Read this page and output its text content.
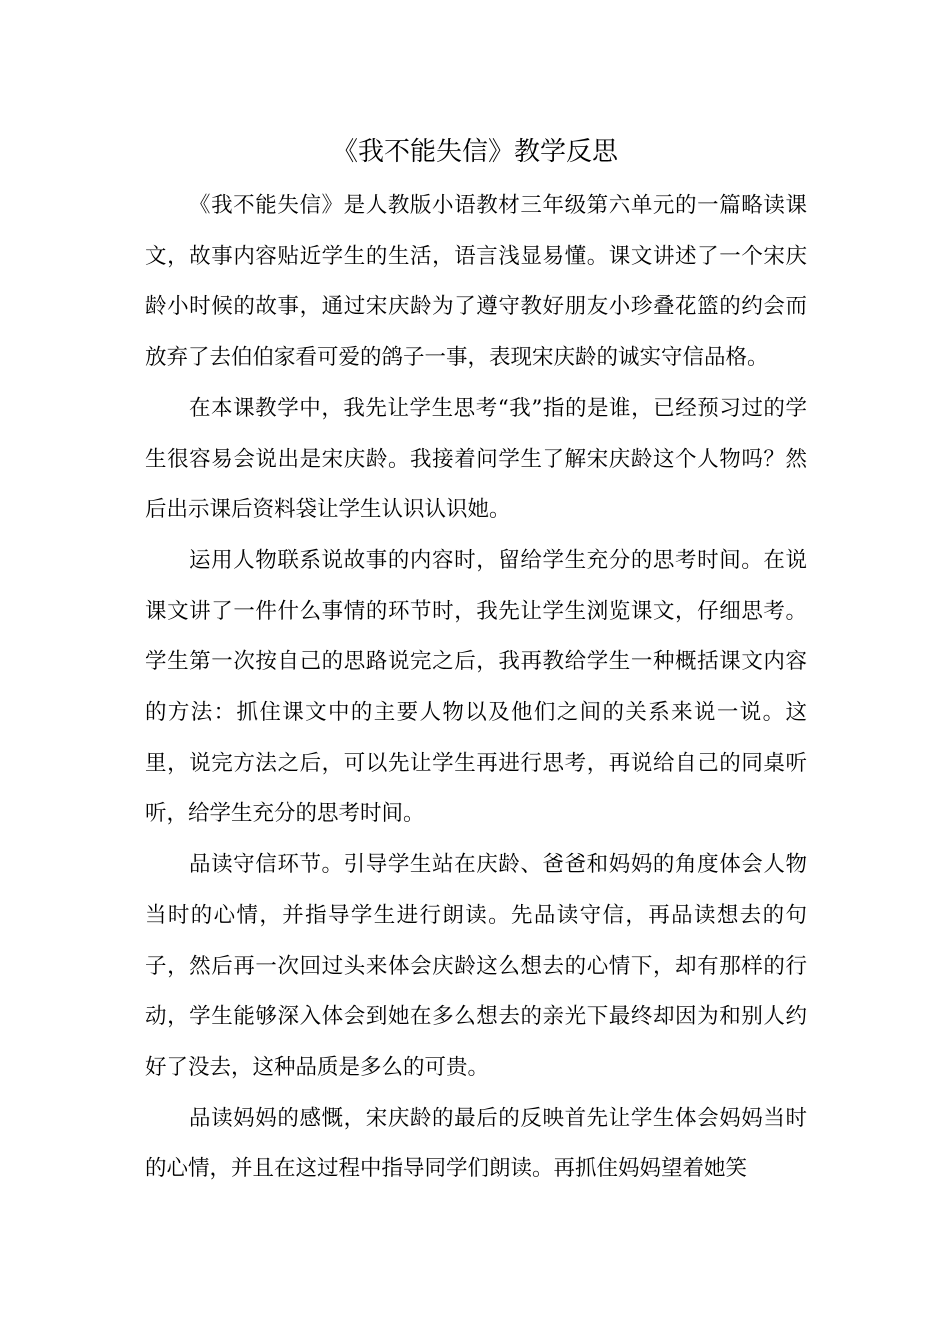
《我不能失信》教学反思

《我不能失信》是人教版小语教材三年级第六单元的一篇略读课文，故事内容贴近学生的生活，语言浅显易懂。课文讲述了一个宋庆龄小时候的故事，通过宋庆龄为了遵守教好朋友小珍叠花篮的约会而放弃了去伯伯家看可爱的鸽子一事，表现宋庆龄的诚实守信品格。

在本课教学中，我先让学生思考“我”指的是谁，已经预习过的学生很容易会说出是宋庆龄。我接着问学生了解宋庆龄这个人物吗？然后出示课后资料袋让学生认识认识她。

运用人物联系说故事的内容时，留给学生充分的思考时间。在说课文讲了一件什么事情的环节时，我先让学生浏览课文，仔细思考。学生第一次按自己的思路说完之后，我再教给学生一种概括课文内容的方法：抓住课文中的主要人物以及他们之间的关系来说一说。这里，说完方法之后，可以先让学生再进行思考，再说给自己的同桌听听，给学生充分的思考时间。

品读守信环节。引导学生站在庆龄、爸爸和妈妈的角度体会人物当时的心情，并指导学生进行朗读。先品读守信，再品读想去的句子，然后再一次回过头来体会庆龄这么想去的心情下，却有那样的行动，学生能够深入体会到她在多么想去的亲光下最终却因为和别人约好了没去，这种品质是多么的可贵。

品读妈妈的感慨，宋庆龄的最后的反映首先让学生体会妈妈当时的心情，并且在这过程中指导同学们朗读。再抓住妈妈望着她笑
